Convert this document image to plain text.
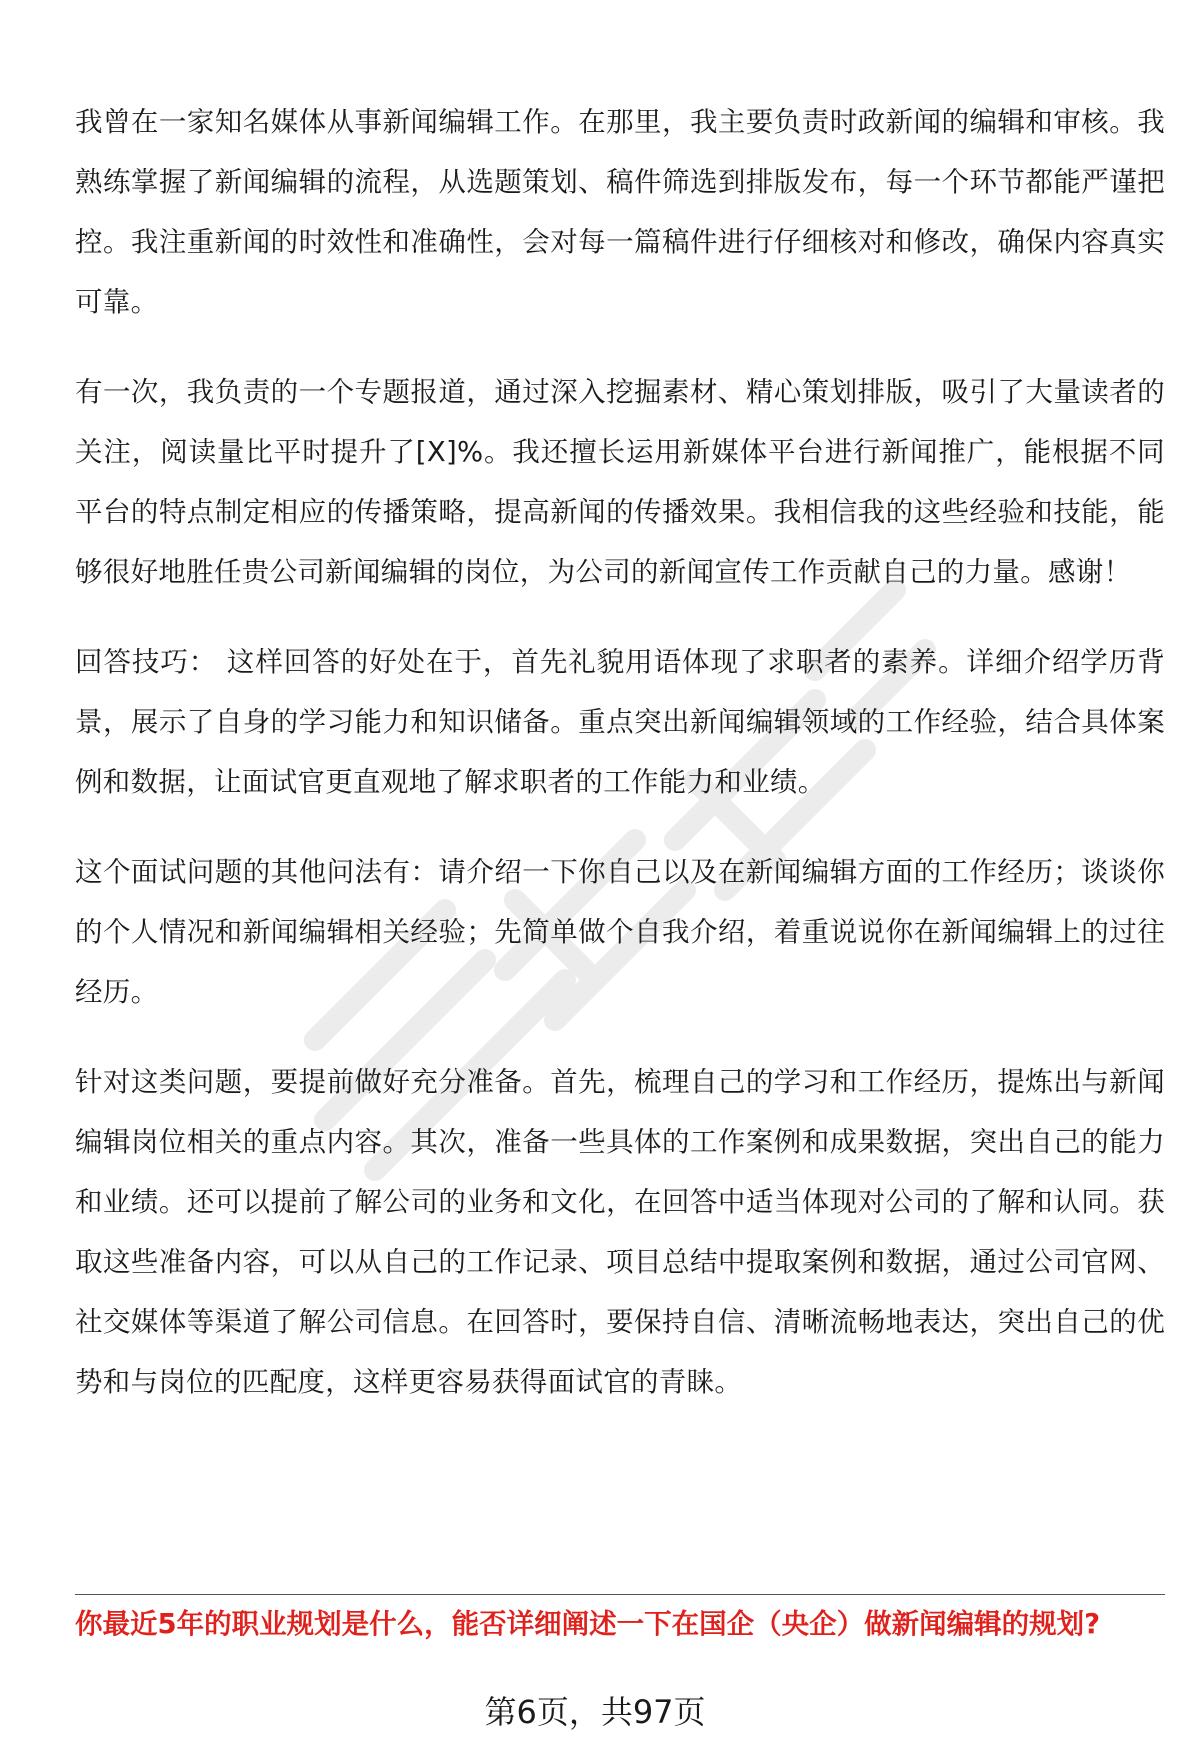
我曾在一家知名媒体从事新闻编辑工作。在那里，我主要负责时政新闻的编辑和审核。我熟练掌握了新闻编辑的流程，从选题策划、稿件筛选到排版发布，每一个环节都能严谨把控。我注重新闻的时效性和准确性，会对每一篇稿件进行仔细核对和修改，确保内容真实可靠。

有一次，我负责的一个专题报道，通过深入挖掘素材、精心策划排版，吸引了大量读者的关注，阅读量比平时提升了[X]%。我还擅长运用新媒体平台进行新闻推广，能根据不同平台的特点制定相应的传播策略，提高新闻的传播效果。我相信我的这些经验和技能，能够很好地胜任贵公司新闻编辑的岗位，为公司的新闻宣传工作贡献自己的力量。感谢！

回答技巧： 这样回答的好处在于，首先礼貌用语体现了求职者的素养。详细介绍学历背景，展示了自身的学习能力和知识储备。重点突出新闻编辑领域的工作经验，结合具体案例和数据，让面试官更直观地了解求职者的工作能力和业绩。

这个面试问题的其他问法有：请介绍一下你自己以及在新闻编辑方面的工作经历；谈谈你的个人情况和新闻编辑相关经验；先简单做个自我介绍，着重说说你在新闻编辑上的过往经历。

针对这类问题，要提前做好充分准备。首先，梳理自己的学习和工作经历，提炼出与新闻编辑岗位相关的重点内容。其次，准备一些具体的工作案例和成果数据，突出自己的能力和业绩。还可以提前了解公司的业务和文化，在回答中适当体现对公司的了解和认同。获取这些准备内容，可以从自己的工作记录、项目总结中提取案例和数据，通过公司官网、社交媒体等渠道了解公司信息。在回答时，要保持自信、清晰流畅地表达，突出自己的优势和与岗位的匹配度，这样更容易获得面试官的青睐。

你最近5年的职业规划是什么，能否详细阐述一下在国企（央企）做新闻编辑的规划?

第6页，共97页
